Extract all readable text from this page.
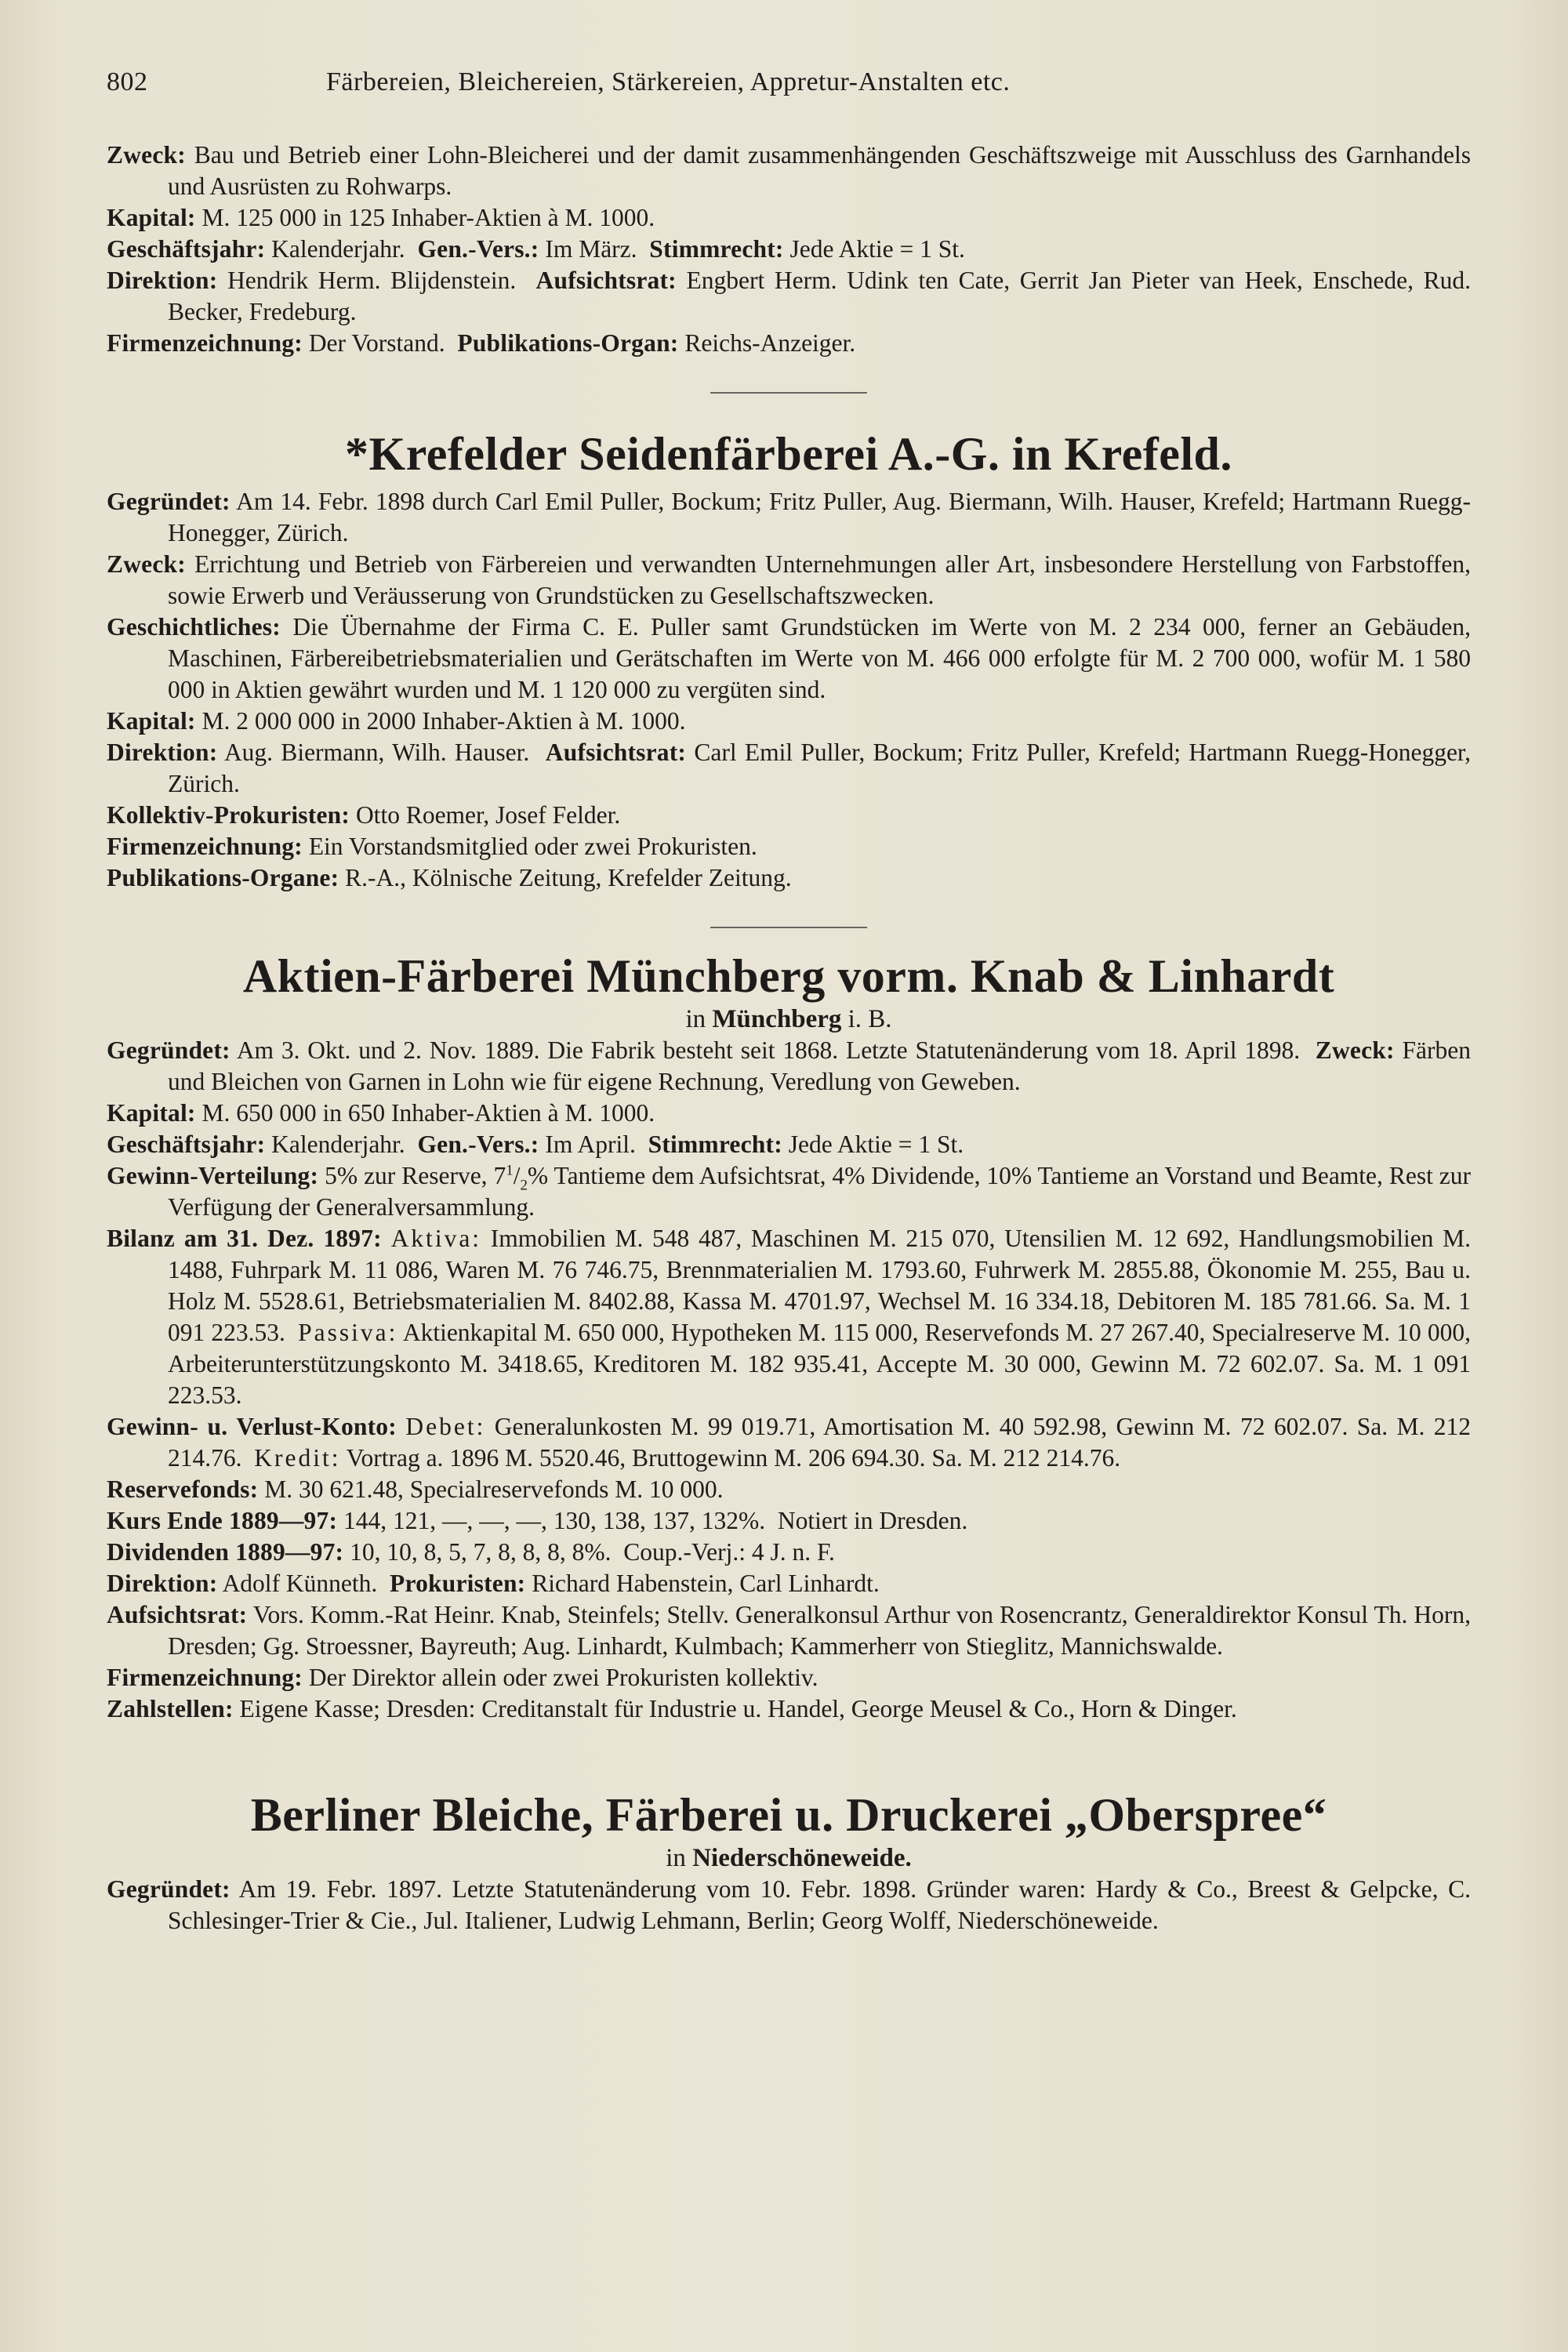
802	Färbereien, Bleichereien, Stärkereien, Appretur-Anstalten etc.

Zweck: Bau und Betrieb einer Lohn-Bleicherei und der damit zusammenhängenden Geschäftszweige mit Ausschluss des Garnhandels und Ausrüsten zu Rohwarps.

Kapital: M. 125 000 in 125 Inhaber-Aktien à M. 1000.

Geschäftsjahr: Kalenderjahr. Gen.-Vers.: Im März. Stimmrecht: Jede Aktie = 1 St.

Direktion: Hendrik Herm. Blijdenstein. Aufsichtsrat: Engbert Herm. Udink ten Cate, Gerrit Jan Pieter van Heek, Enschede, Rud. Becker, Fredeburg.

Firmenzeichnung: Der Vorstand. Publikations-Organ: Reichs-Anzeiger.

*Krefelder Seidenfärberei A.-G. in Krefeld.

Gegründet: Am 14. Febr. 1898 durch Carl Emil Puller, Bockum; Fritz Puller, Aug. Biermann, Wilh. Hauser, Krefeld; Hartmann Ruegg-Honegger, Zürich.

Zweck: Errichtung und Betrieb von Färbereien und verwandten Unternehmungen aller Art, insbesondere Herstellung von Farbstoffen, sowie Erwerb und Veräusserung von Grundstücken zu Gesellschaftszwecken.

Geschichtliches: Die Übernahme der Firma C. E. Puller samt Grundstücken im Werte von M. 2 234 000, ferner an Gebäuden, Maschinen, Färbereibetriebsmaterialien und Gerätschaften im Werte von M. 466 000 erfolgte für M. 2 700 000, wofür M. 1 580 000 in Aktien gewährt wurden und M. 1 120 000 zu vergüten sind.

Kapital: M. 2 000 000 in 2000 Inhaber-Aktien à M. 1000.

Direktion: Aug. Biermann, Wilh. Hauser. Aufsichtsrat: Carl Emil Puller, Bockum; Fritz Puller, Krefeld; Hartmann Ruegg-Honegger, Zürich.

Kollektiv-Prokuristen: Otto Roemer, Josef Felder.

Firmenzeichnung: Ein Vorstandsmitglied oder zwei Prokuristen.

Publikations-Organe: R.-A., Kölnische Zeitung, Krefelder Zeitung.

Aktien-Färberei Münchberg vorm. Knab & Linhardt

in Münchberg i. B.

Gegründet: Am 3. Okt. und 2. Nov. 1889. Die Fabrik besteht seit 1868. Letzte Statutenänderung vom 18. April 1898. Zweck: Färben und Bleichen von Garnen in Lohn wie für eigene Rechnung, Veredlung von Geweben.

Kapital: M. 650 000 in 650 Inhaber-Aktien à M. 1000.

Geschäftsjahr: Kalenderjahr. Gen.-Vers.: Im April. Stimmrecht: Jede Aktie = 1 St.

Gewinn-Verteilung: 5% zur Reserve, $7^1/_2\%$ Tantieme dem Aufsichtsrat, 4% Dividende, 10% Tantieme an Vorstand und Beamte, Rest zur Verfügung der Generalversammlung.

Bilanz am 31. Dez. 1897: Aktiva: Immobilien M. 548 487, Maschinen M. 215 070, Utensilien M. 12 692, Handlungsmobilien M. 1488, Fuhrpark M. 11 086, Waren M. 76 746.75, Brennmaterialien M. 1793.60, Fuhrwerk M. 2855.88, Ökonomie M. 255, Bau u. Holz M. 5528.61, Betriebsmaterialien M. 8402.88, Kassa M. 4701.97, Wechsel M. 16 334.18, Debitoren M. 185 781.66. Sa. M. 1 091 223.53. Passiva: Aktienkapital M. 650 000, Hypotheken M. 115 000, Reservefonds M. 27 267.40, Specialreserve M. 10 000, Arbeiterunterstützungskonto M. 3418.65, Kreditoren M. 182 935.41, Accepte M. 30 000, Gewinn M. 72 602.07. Sa. M. 1 091 223.53.

Gewinn- u. Verlust-Konto: Debet: Generalunkosten M. 99 019.71, Amortisation M. 40 592.98, Gewinn M. 72 602.07. Sa. M. 212 214.76. Kredit: Vortrag a. 1896 M. 5520.46, Bruttogewinn M. 206 694.30. Sa. M. 212 214.76.

Reservefonds: M. 30 621.48, Specialreservefonds M. 10 000.

Kurs Ende 1889—97: 144, 121, —, —, —, 130, 138, 137, 132%.  Notiert in Dresden.

Dividenden 1889—97: 10, 10, 8, 5, 7, 8, 8, 8, 8%.  Coup.-Verj.: 4 J. n. F.

Direktion: Adolf Künneth. Prokuristen: Richard Habenstein, Carl Linhardt.

Aufsichtsrat: Vors. Komm.-Rat Heinr. Knab, Steinfels; Stellv. Generalkonsul Arthur von Rosencrantz, Generaldirektor Konsul Th. Horn, Dresden; Gg. Stroessner, Bayreuth; Aug. Linhardt, Kulmbach; Kammerherr von Stieglitz, Mannichswalde.

Firmenzeichnung: Der Direktor allein oder zwei Prokuristen kollektiv.

Zahlstellen: Eigene Kasse; Dresden: Creditanstalt für Industrie u. Handel, George Meusel & Co., Horn & Dinger.

Berliner Bleiche, Färberei u. Druckerei „Oberspree“

in Niederschöneweide.

Gegründet: Am 19. Febr. 1897. Letzte Statutenänderung vom 10. Febr. 1898. Gründer waren: Hardy & Co., Breest & Gelpcke, C. Schlesinger-Trier & Cie., Jul. Italiener, Ludwig Lehmann, Berlin; Georg Wolff, Niederschöneweide.
